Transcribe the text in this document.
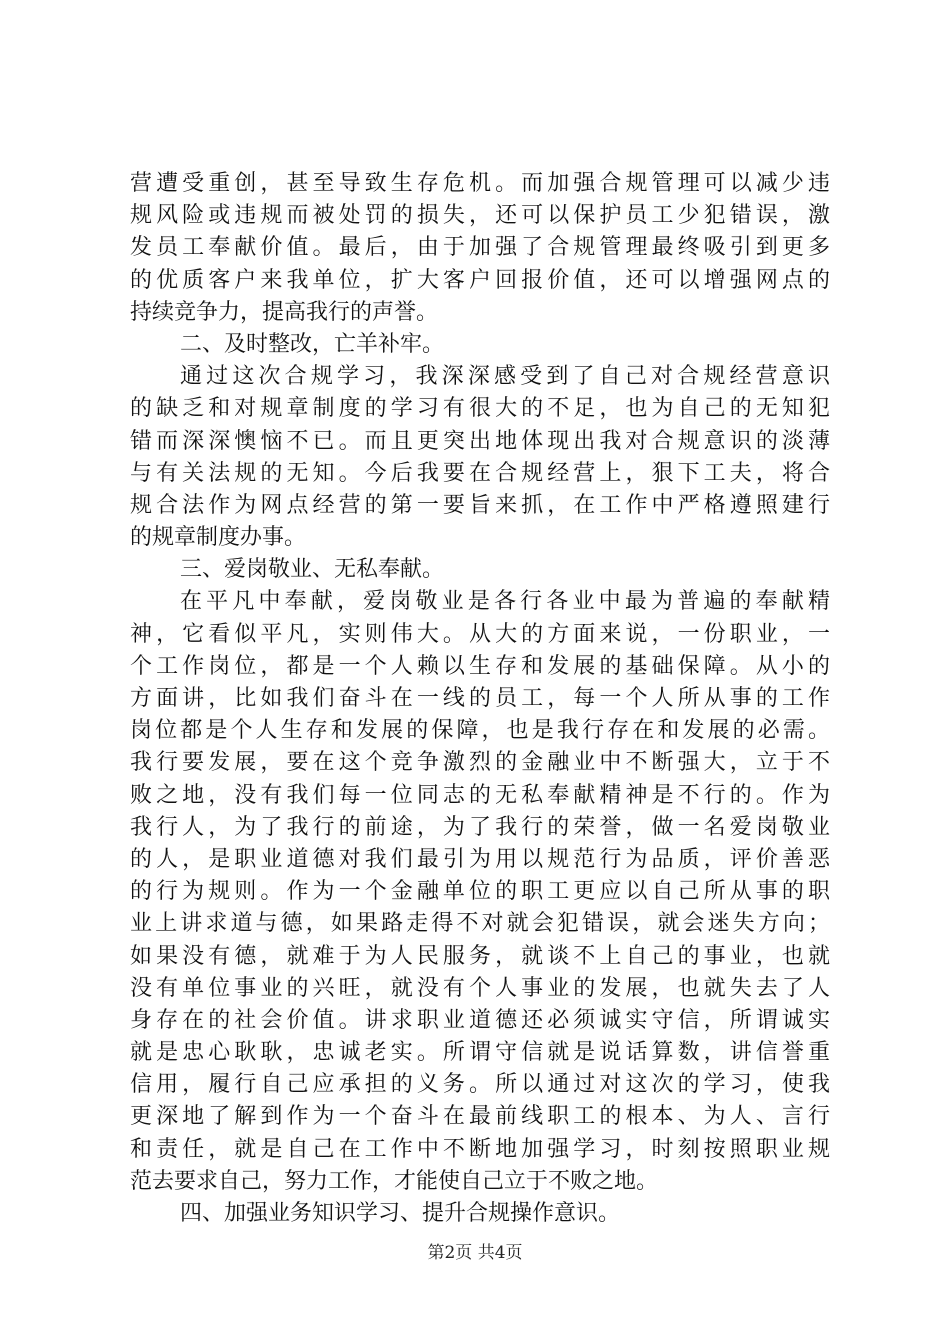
营遭受重创，甚至导致生存危机。而加强合规管理可以减少违
规风险或违规而被处罚的损失，还可以保护员工少犯错误，激
发员工奉献价值。最后，由于加强了合规管理最终吸引到更多
的优质客户来我单位，扩大客户回报价值，还可以增强网点的
持续竞争力，提高我行的声誉。
二、及时整改，亡羊补牢。
通过这次合规学习，我深深感受到了自己对合规经营意识
的缺乏和对规章制度的学习有很大的不足，也为自己的无知犯
错而深深懊恼不已。而且更突出地体现出我对合规意识的淡薄
与有关法规的无知。今后我要在合规经营上，狠下工夫，将合
规合法作为网点经营的第一要旨来抓，在工作中严格遵照建行
的规章制度办事。
三、爱岗敬业、无私奉献。
在平凡中奉献，爱岗敬业是各行各业中最为普遍的奉献精
神，它看似平凡，实则伟大。从大的方面来说，一份职业，一
个工作岗位，都是一个人赖以生存和发展的基础保障。从小的
方面讲，比如我们奋斗在一线的员工，每一个人所从事的工作
岗位都是个人生存和发展的保障，也是我行存在和发展的必需。
我行要发展，要在这个竞争激烈的金融业中不断强大，立于不
败之地，没有我们每一位同志的无私奉献精神是不行的。作为
我行人，为了我行的前途，为了我行的荣誉，做一名爱岗敬业
的人，是职业道德对我们最引为用以规范行为品质，评价善恶
的行为规则。作为一个金融单位的职工更应以自己所从事的职
业上讲求道与德，如果路走得不对就会犯错误，就会迷失方向；
如果没有德，就难于为人民服务，就谈不上自己的事业，也就
没有单位事业的兴旺，就没有个人事业的发展，也就失去了人
身存在的社会价值。讲求职业道德还必须诚实守信，所谓诚实
就是忠心耿耿，忠诚老实。所谓守信就是说话算数，讲信誉重
信用，履行自己应承担的义务。所以通过对这次的学习，使我
更深地了解到作为一个奋斗在最前线职工的根本、为人、言行
和责任，就是自己在工作中不断地加强学习，时刻按照职业规
范去要求自己，努力工作，才能使自己立于不败之地。
四、加强业务知识学习、提升合规操作意识。
第2页 共4页
